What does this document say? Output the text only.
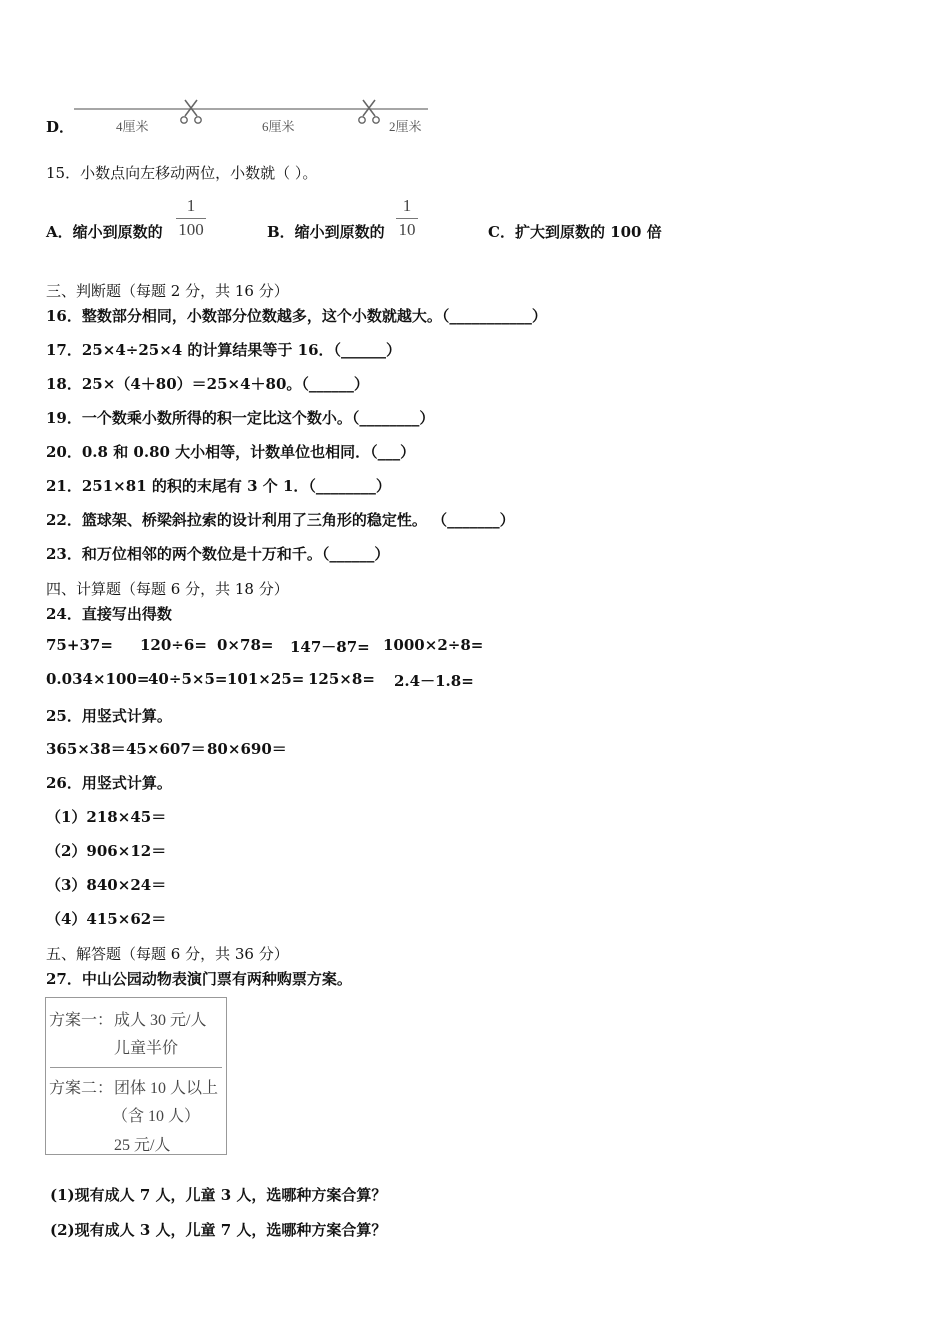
D．	4厘米	6厘米	2厘米
15．小数点向左移动两位，小数就（ ）。
A．缩小到原数的
1
100	B．缩小到原数的
1
10	C．扩大到原数的 100 倍
三、判断题（每题 2 分，共 16 分）
16．整数部分相同，小数部分位数越多，这个小数就越大。（___________）
17．25×4÷25×4 的计算结果等于 16．（______）
18．25×（4＋80）＝25×4＋80。（______）
19．一个数乘小数所得的积一定比这个数小。（________）
20．0.8 和 0.80 大小相等，计数单位也相同．（___）
21．251×81 的积的末尾有 3 个 1．（________）
22．篮球架、桥梁斜拉索的设计利用了三角形的稳定性。 （_______）
23．和万位相邻的两个数位是十万和千。（______）
四、计算题（每题 6 分，共 18 分）
24．直接写出得数
75+37= 120÷6= 0×78= 147－87= 1000×2÷8=
0.034×100=
40÷5×5= 101×25= 125×8= 2.4－1.8=
25．用竖式计算。
365×38＝ 45×607＝ 80×690＝
26．用竖式计算。
（1）218×45＝
（2）906×12＝
（3）840×24＝
（4）415×62＝
五、解答题（每题 6 分，共 36 分）
27．中山公园动物表演门票有两种购票方案。
方案一： 成人 30 元/人
儿童半价
方案二： 团体 10 人以上
（含 10 人）
25 元/人
(1)现有成人 7 人，儿童 3 人，选哪种方案合算？
(2)现有成人 3 人，儿童 7 人，选哪种方案合算？
